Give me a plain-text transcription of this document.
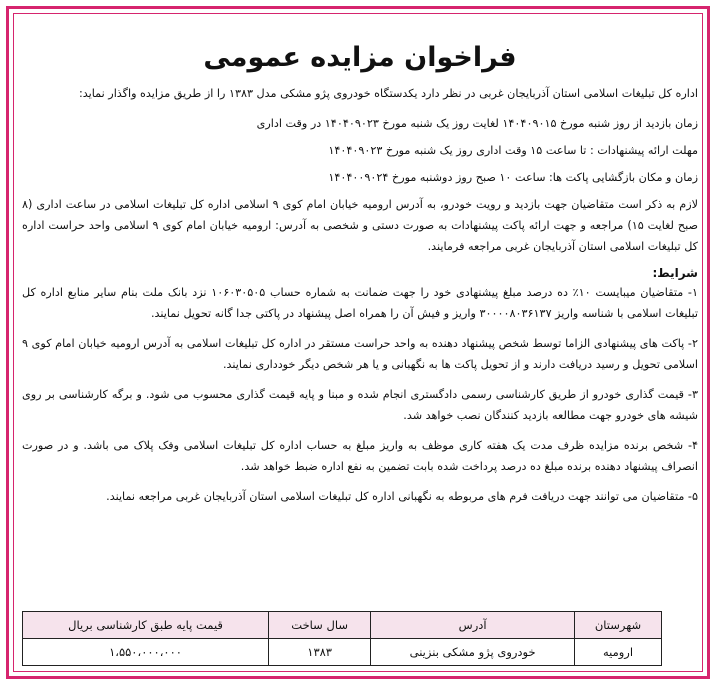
فراخوان مزایده عمومی

اداره کل تبلیغات اسلامی استان آذربایجان غربی در نظر دارد یکدستگاه خودروی پژو مشکی مدل ۱۳۸۳ را از طریق مزایده واگذار نماید:

زمان بازدید از روز شنبه مورخ ۱۴۰۴۰۹۰۱۵ لغایت روز یک شنبه مورخ ۱۴۰۴۰۹۰۲۳ در وقت اداری

مهلت ارائه پیشنهادات : تا ساعت ۱۵ وقت اداری روز یک شنبه مورخ ۱۴۰۴۰۹۰۲۳

زمان و مکان بازگشایی پاکت ها: ساعت ۱۰ صبح روز دوشنبه مورخ ۱۴۰۴۰۰۹۰۲۴

لازم به ذکر است متقاضیان جهت بازدید و رویت خودرو، به آدرس ارومیه خیابان امام کوی ۹ اسلامی اداره کل تبلیغات اسلامی در ساعت اداری (۸ صبح لغایت ۱۵) مراجعه و جهت ارائه پاکت پیشنهادات به صورت دستی و شخصی به آدرس: ارومیه خیابان امام کوی ۹ اسلامی واحد حراست اداره کل تبلیغات اسلامی استان آذربایجان غربی مراجعه فرمایند.

شرایط:

۱- متقاضیان میبایست ۱۰٪ ده درصد مبلغ پیشنهادی خود را جهت ضمانت به شماره حساب ۱۰۶۰۳۰۵۰۵ نزد بانک ملت بنام سایر منابع اداره کل تبلیغات اسلامی با شناسه واریز ۳۰۰۰۰۸۰۳۶۱۳۷ واریز و فیش آن را همراه اصل پیشنهاد در پاکتی جدا گانه تحویل نمایند.

۲- پاکت های پیشنهادی الزاما توسط شخص پیشنهاد دهنده به واحد حراست مستقر در اداره کل تبلیغات اسلامی به آدرس ارومیه خیابان امام کوی ۹ اسلامی تحویل و رسید دریافت دارند و از تحویل پاکت ها به نگهبانی و یا هر شخص دیگر خودداری نمایند.

۳- قیمت گذاری خودرو از طریق کارشناسی رسمی دادگستری انجام شده و مبنا و پایه قیمت گذاری محسوب می شود. و برگه کارشناسی بر روی شیشه های خودرو جهت مطالعه بازدید کنندگان نصب خواهد شد.

۴- شخص برنده مزایده ظرف مدت یک هفته کاری موظف به واریز مبلغ به حساب اداره کل تبلیغات اسلامی وفک پلاک می باشد. و در صورت انصراف پیشنهاد دهنده برنده مبلغ ده درصد پرداخت شده بابت تضمین به نفع اداره ضبط خواهد شد.

۵- متقاضیان می توانند جهت دریافت فرم های مربوطه به نگهبانی اداره کل تبلیغات اسلامی استان آذربایجان غربی مراجعه نمایند.

شهرستان	آدرس	سال ساخت	قیمت پایه طبق کارشناسی بریال
ارومیه	خودروی پژو مشکی بنزینی	۱۳۸۳	۱،۵۵۰،۰۰۰،۰۰۰
